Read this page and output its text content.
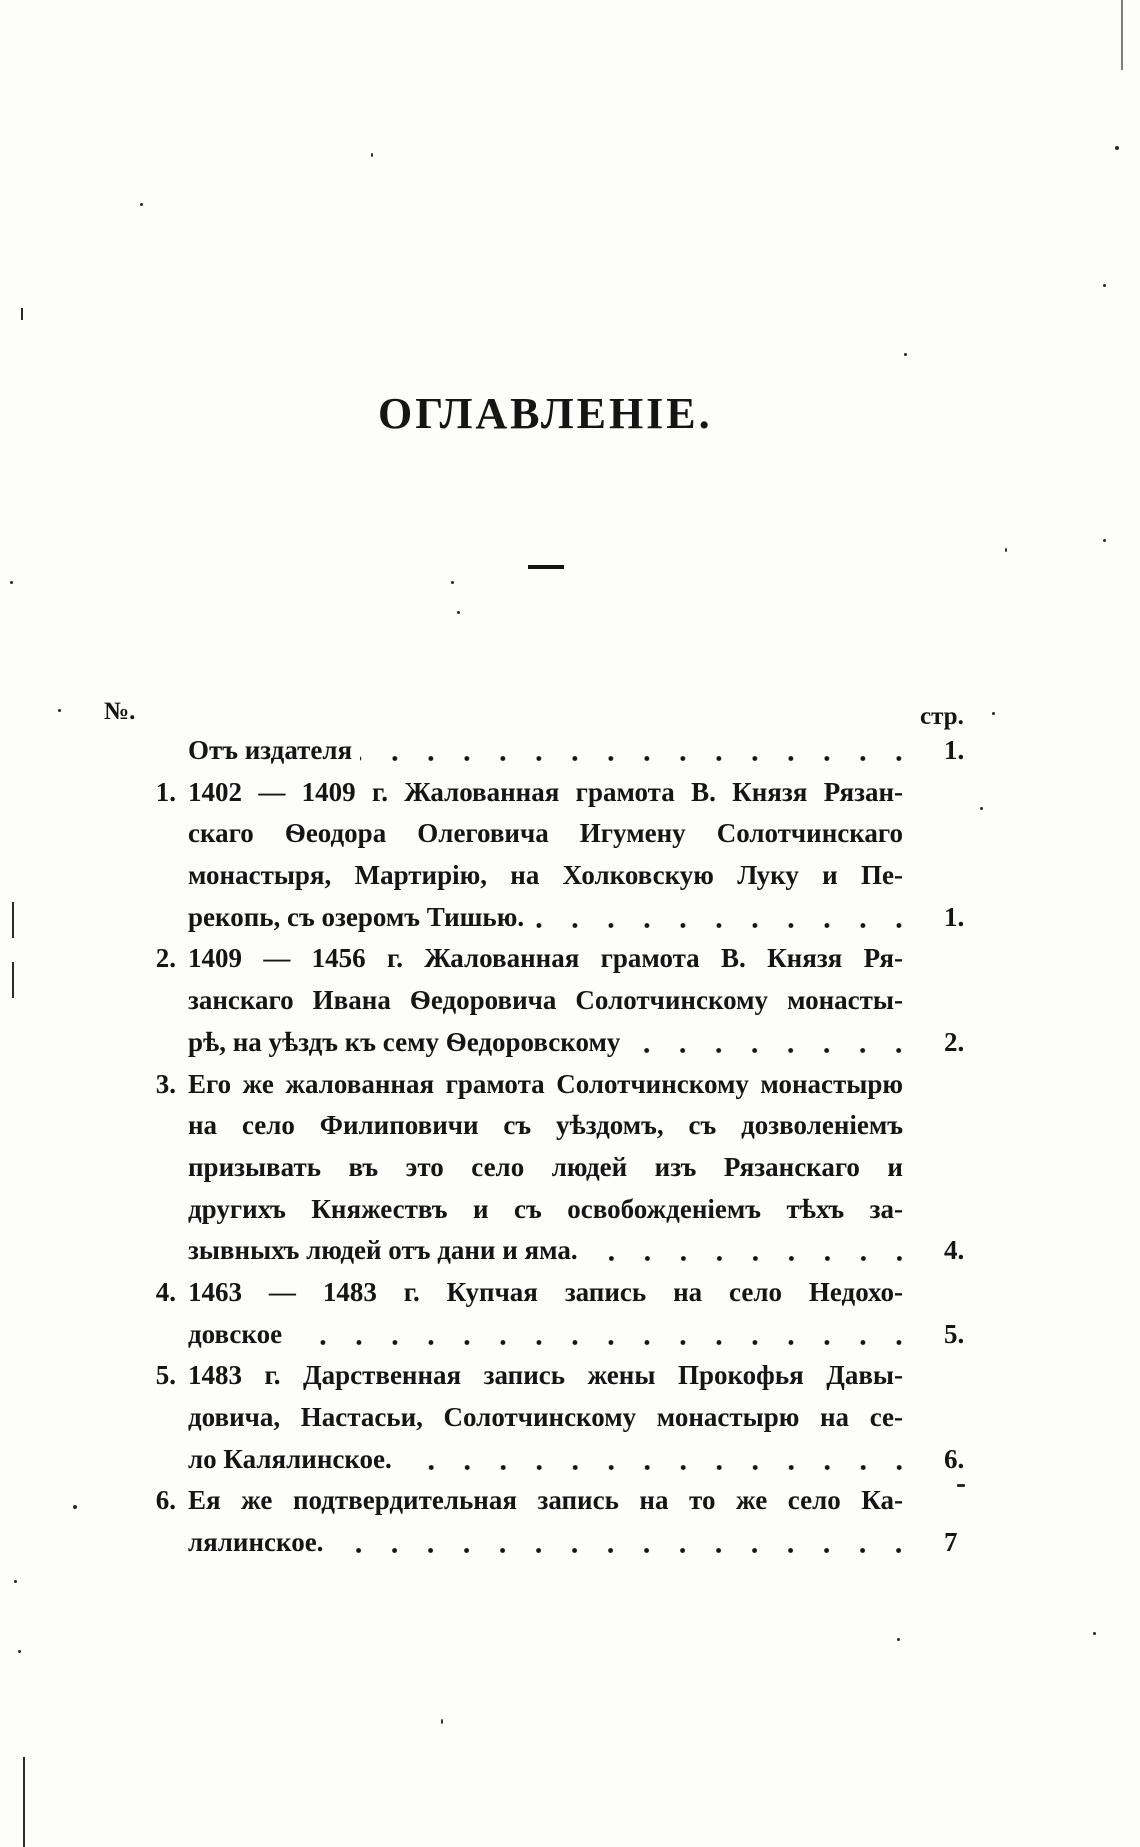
ОГЛАВЛЕНІЕ.
№.	стр.
Отъ издателя	1.
1. 1402 — 1409 г. Жалованная грамота В. Князя Рязан-
скаго Ѳеодора Олеговича Игумену Солотчинскаго
монастыря, Мартирію, на Холковскую Луку и Пе-
рекопь, съ озеромъ Тишью.	1.
2. 1409 — 1456 г. Жалованная грамота В. Князя Ря-
занскаго Ивана Ѳедоровича Солотчинскому монасты-
рѣ, на уѣздъ къ сему Ѳедоровскому	2.
3. Его же жалованная грамота Солотчинскому монастырю
на село Филиповичи съ уѣздомъ, съ дозволеніемъ
призывать въ это село людей изъ Рязанскаго и
другихъ Княжествъ и съ освобожденіемъ тѣхъ за-
зывныхъ людей отъ дани и яма.	4.
4. 1463 — 1483 г. Купчая запись на село Недохо-
довское	5.
5. 1483 г. Дарственная запись жены Прокофья Давы-
довича, Настасьи, Солотчинскому монастырю на се-
ло Калялинское.	6.
6. Ея же подтвердительная запись на то же село Ка-
лялинское.	7
